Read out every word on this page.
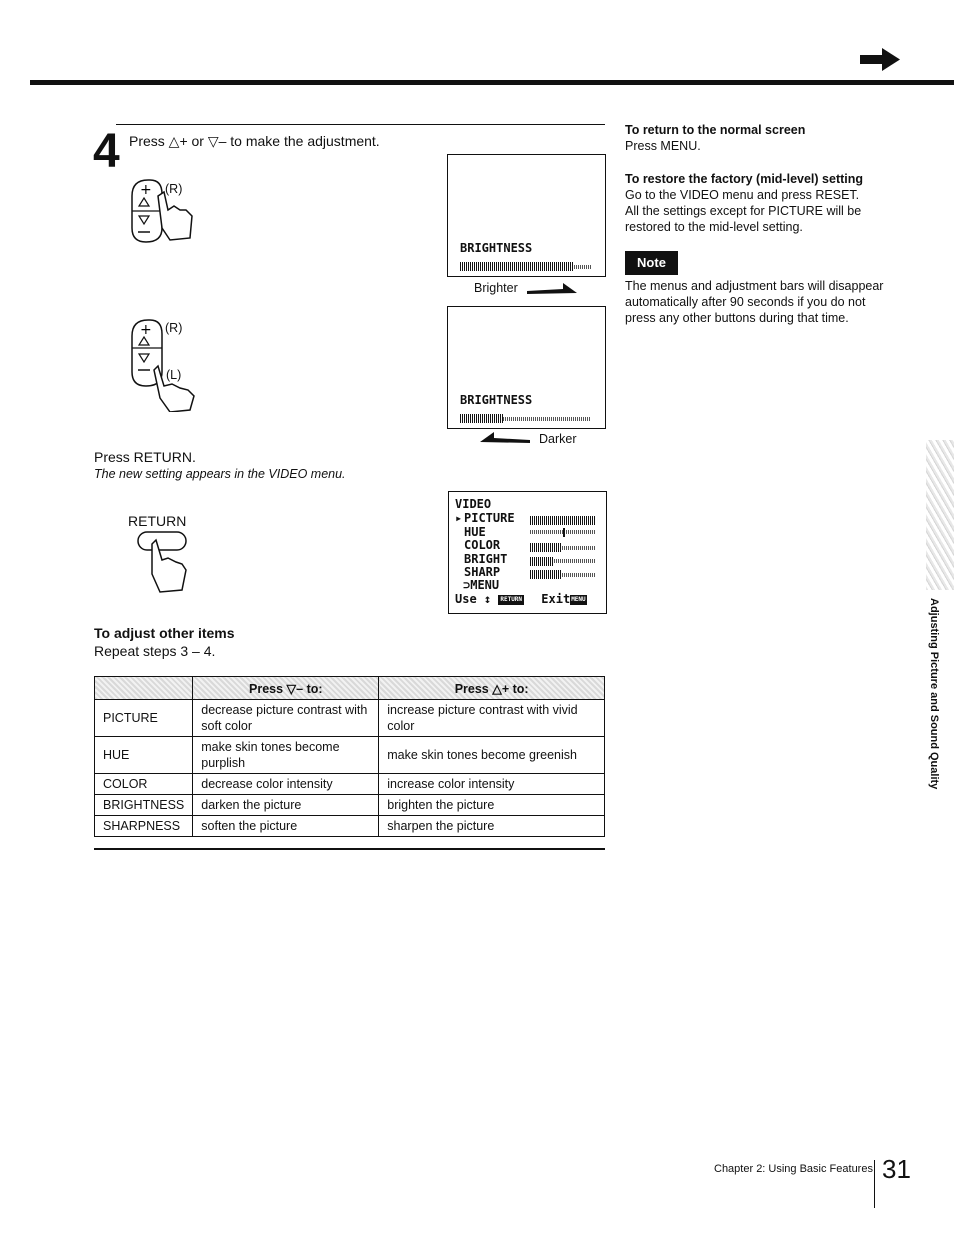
4 Press △+ or ▽– to make the adjustment.
+ (R)
+ (R)
(L)
Press RETURN.
The new setting appears in the VIDEO menu.
RETURN
To adjust other items
Repeat steps 3 – 4.
BRIGHTNESS
Brighter
BRIGHTNESS
Darker
VIDEO
▸ PICTURE
HUE
COLOR
BRIGHT
SHARP
⊃MENU
Use ↕ RETURN ExitMENU
	Press ▽– to:	Press △+ to:
PICTURE	decrease picture contrast with soft color	increase picture contrast with vivid color
HUE	make skin tones become purplish	make skin tones become greenish
COLOR	decrease color intensity	increase color intensity
BRIGHTNESS	darken the picture	brighten the picture
SHARPNESS	soften the picture	sharpen the picture
To return to the normal screen
Press MENU.
To restore the factory (mid-level) setting
Go to the VIDEO menu and press RESET. All the settings except for PICTURE will be restored to the mid-level setting.
Note
The menus and adjustment bars will disappear automatically after 90 seconds if you do not press any other buttons during that time.
Adjusting Picture and Sound Quality
Chapter 2: Using Basic Features 31
